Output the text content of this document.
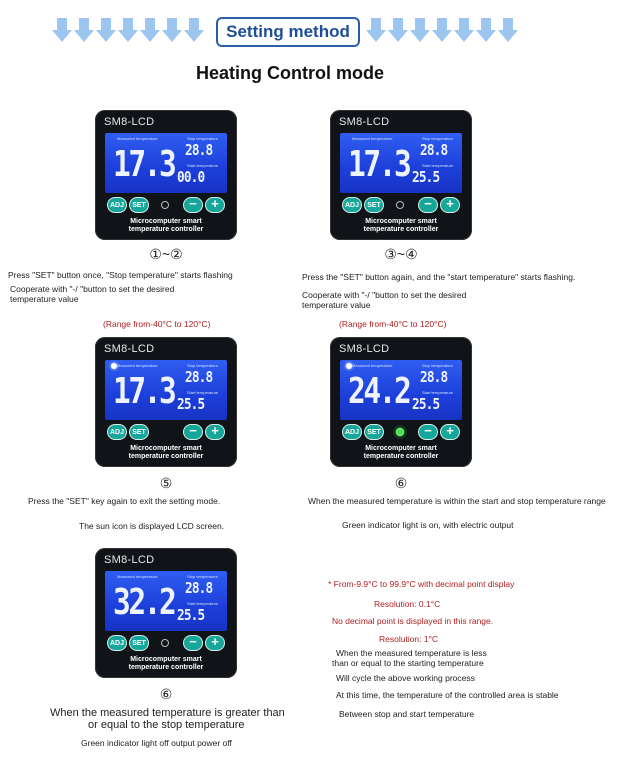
Setting method
Heating Control mode
SM8-LCD
Measured temperature	Stop temperature
Start temperature
17.3 28.8
00.0
ADJ	SET	−	+
Microcomputer smart
temperature controller
SM8-LCD
Measured temperature	Stop temperature
Start temperature
17.3 28.8
25.5
ADJ	SET	−	+
Microcomputer smart
temperature controller
SM8-LCD
Measured temperature	Stop temperature
Start temperature
17.3 28.8
25.5
ADJ	SET	−	+
Microcomputer smart
temperature controller
SM8-LCD
Measured temperature	Stop temperature
Start temperature
24.2 28.8
25.5
ADJ	SET	−	+
Microcomputer smart
temperature controller
SM8-LCD
Measured temperature	Stop temperature
Start temperature
32.2 28.8
25.5
ADJ	SET	−	+
Microcomputer smart
temperature controller
①~②	③~④
⑤	⑥
⑥
Press "SET" button once, "Stop temperature" starts flashing
Cooperate with "-/ "button to set the desired
temperature value
(Range from-40°C to 120°C)
Press the "SET" button again, and the "start temperature" starts flashing.
Cooperate with "-/ "button to set the desired
temperature value
(Range from-40°C to 120°C)
Press the "SET" key again to exit the setting mode.
The sun icon is displayed LCD screen.
When the measured temperature is within the start and stop temperature range
Green indicator light is on, with electric output
When the measured temperature is greater than
or equal to the stop temperature
Green indicator light off output power off
* From-9.9°C to 99.9°C with decimal point display
Resolution: 0.1°C
No decimal point is displayed in this range.
Resolution: 1°C
When the measured temperature is less
than or equal to the starting temperature
Will cycle the above working process
At this time, the temperature of the controlled area is stable
Between stop and start temperature
